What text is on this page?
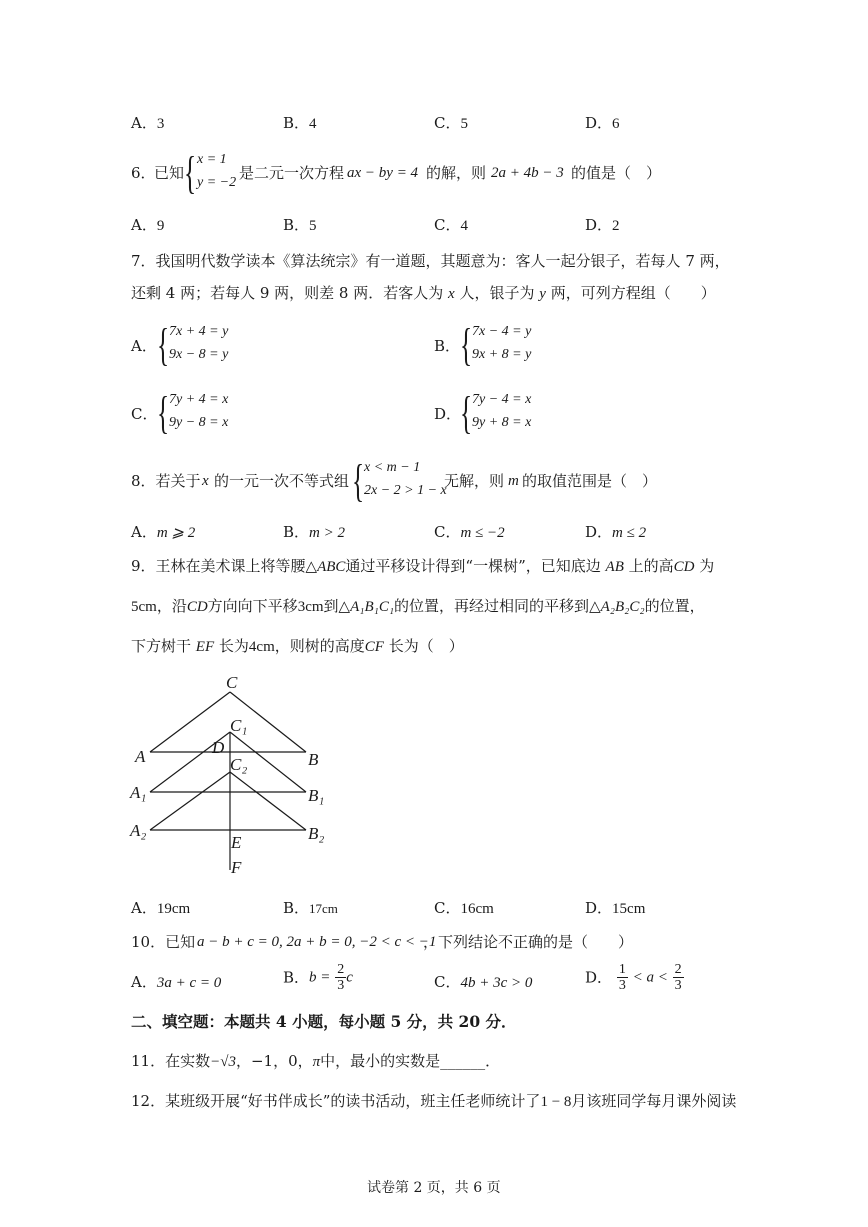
A．3	B．4	C．5	D．6
6．
已知 { x = 1
y = −2
是二元一次方程 ax − by = 4 的解，则 2a + 4b − 3 的值是（　）
A．9	B．5	C．4	D．2
7．我国明代数学读本《算法统宗》有一道题，其题意为：客人一起分银子，若每人 7 两，
还剩 4 两；若每人 9 两，则差 8 两．若客人为 x 人，银子为 y 两，可列方程组（　　）
A． { 7x + 4 = y
9x − 8 = y	B． { 7x − 4 = y
9x + 8 = y
C． { 7y + 4 = x
9y − 8 = x	D．
{ 7y − 4 = x
9y + 8 = x
8．若关于 x 的一元一次不等式组 { x < m − 1
2x − 2 > 1 − x
无解，则 m 的取值范围是（　）
A．m ⩾ 2	B．m > 2	C．m ≤ −2	D．m ≤ 2
9．王林在美术课上将等腰△ABC通过平移设计得到“一棵树”，已知底边 AB 上的高CD 为
5cm，沿CD方向向下平移3cm到△A₁B₁C₁的位置，再经过相同的平移到△A₂B₂C₂的位置，
下方树干 EF 长为4cm，则树的高度CF 长为（　）
C
C₁
D
C₂
A	B
A₁	B₁
A₂	B₂
E
F
A．19cm	B．17cm	C．16cm	D．15cm
10．已知 a − b + c = 0, 2a + b = 0, −2 < c < −1
，下列结论不正确的是（　　）
A．3a + c = 0	B．$b = \frac{2}{3}$ c	C．4b + 3c > 0	D． $\frac{1}{3} < a < \frac{2}{3}$
二、填空题：本题共 4 小题，每小题 5 分，共 20 分．
11．在实数−√3，−1，0，π中，最小的实数是______．
12．某班级开展“好书伴成长”的读书活动，班主任老师统计了1 − 8月该班同学每月课外阅读
试卷第 2 页，共 6 页
